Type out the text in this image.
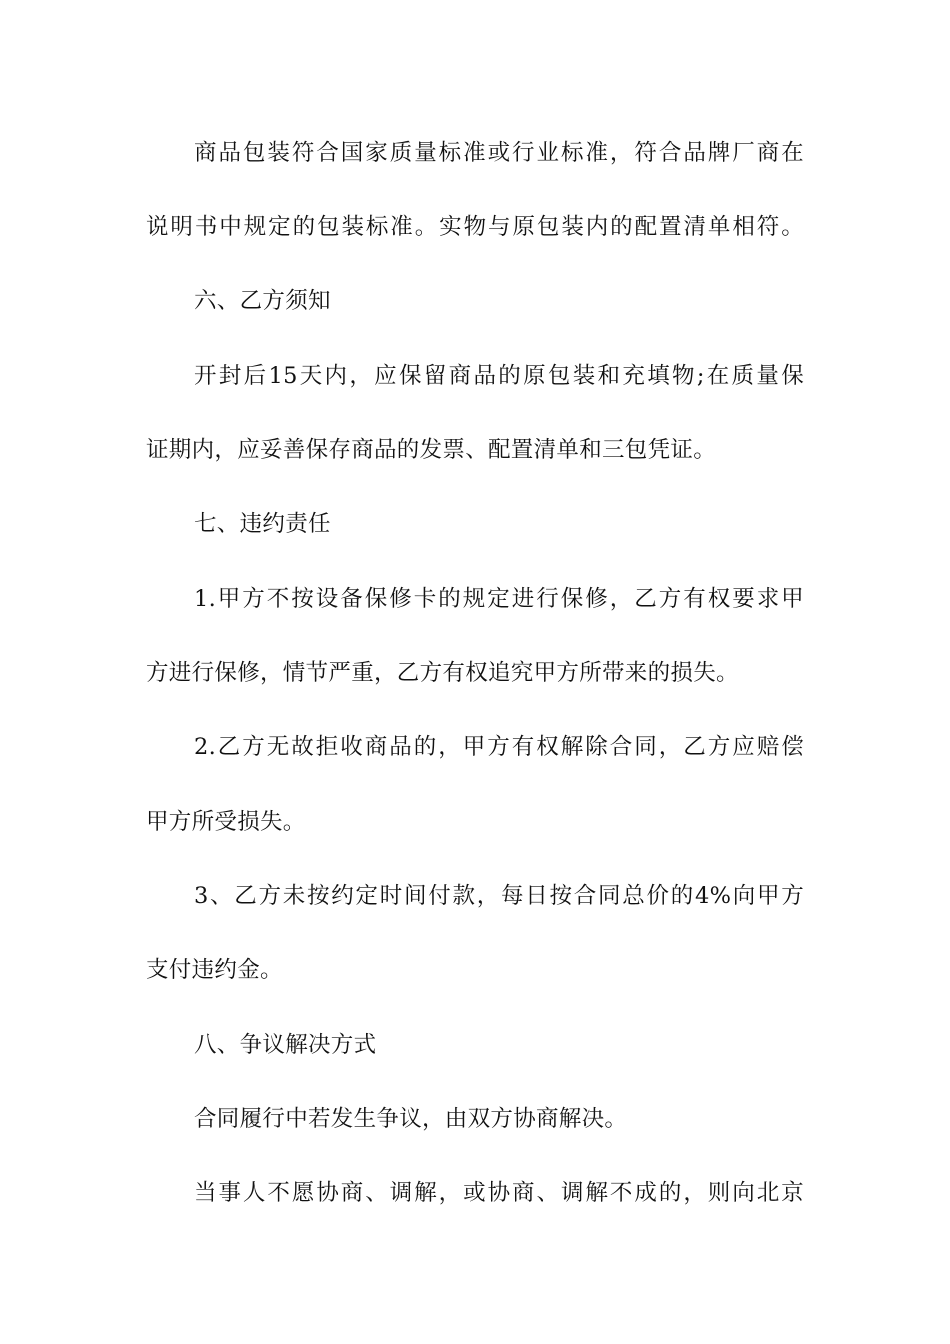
商品包装符合国家质量标准或行业标准，符合品牌厂商在
说明书中规定的包装标准。实物与原包装内的配置清单相符。
六、乙方须知
开封后15天内，应保留商品的原包装和充填物;在质量保
证期内，应妥善保存商品的发票、配置清单和三包凭证。
七、违约责任
1.甲方不按设备保修卡的规定进行保修，乙方有权要求甲
方进行保修，情节严重，乙方有权追究甲方所带来的损失。
2.乙方无故拒收商品的，甲方有权解除合同，乙方应赔偿
甲方所受损失。
3、乙方未按约定时间付款，每日按合同总价的4%向甲方
支付违约金。
八、争议解决方式
合同履行中若发生争议，由双方协商解决。
当事人不愿协商、调解，或协商、调解不成的，则向北京
